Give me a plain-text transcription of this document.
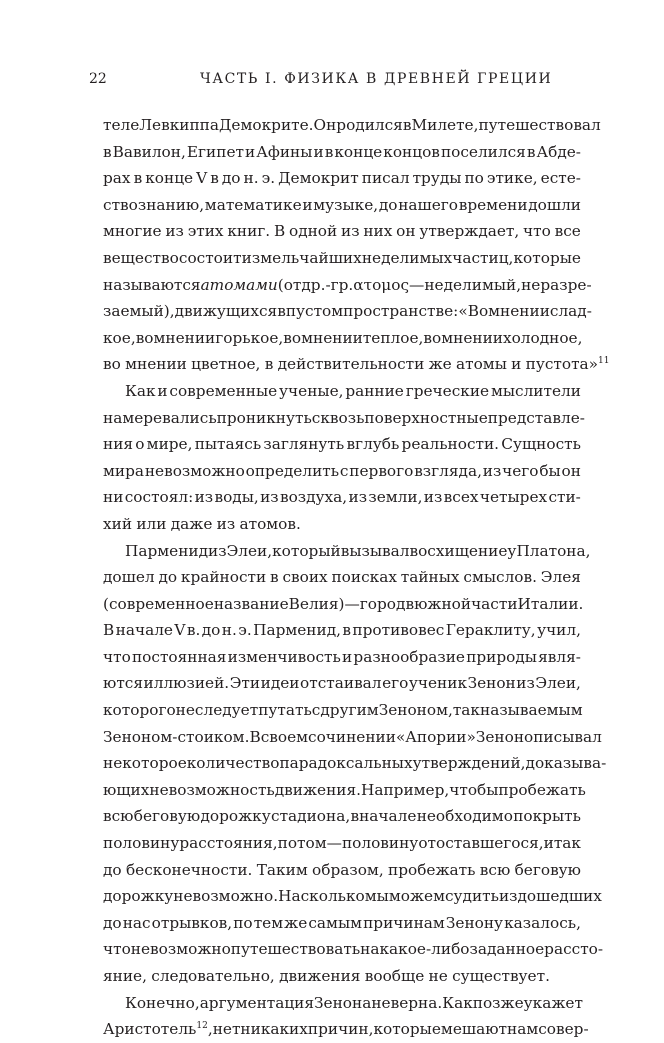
22	ЧАСТЬ I. ФИЗИКА В ДРЕВНЕЙ ГРЕЦИИ
теле Левкиппа Демокрите. Он родился в Милете, путешествовал
в Вавилон, Египет и Афины и в конце концов поселился в Абде-
рах в конце V в до н. э. Демокрит писал труды по этике, есте-
ствознанию, математике и музыке, до нашего времени дошли
многие из этих книг. В одной из них он утверждает, что все
вещество состоит из мельчайших неделимых частиц, которые
называются атомами (от др.-гр. ατομος — неделимый, неразре-
заемый), движущихся в пустом пространстве: «Во мнении слад-
кое, во мнении горькое, во мнении теплое, во мнении холодное,
во мнении цветное, в действительности же атомы и пустота»$^{11}$
Как и современные ученые, ранние греческие мыслители
намеревались проникнуть сквозь поверхностные представле-
ния о мире, пытаясь заглянуть вглубь реальности. Сущность
мира невозможно определить с первого взгляда, из чего бы он
ни состоял: из воды, из воздуха, из земли, из всех четырех сти-
хий или даже из атомов.
Парменид из Элеи, который вызывал восхищение у Платона,
дошел до крайности в своих поисках тайных смыслов. Элея
(современное название Велия) — город в южной части Италии.
В начале V в. до н. э. Парменид, в противовес Гераклиту, учил,
что постоянная изменчивость и разнообразие природы явля-
ются иллюзией. Эти идеи отстаивал его ученик Зенон из Элеи,
которого не следует путать с другим Зеноном, так называемым
Зеноном-стоиком. В своем сочинении «Апории» Зенон описывал
некоторое количество парадоксальных утверждений, доказыва-
ющих невозможность движения. Например, чтобы пробежать
всю беговую дорожку стадиона, вначале необходимо покрыть
половину расстояния, потом — половину от оставшегося, и так
до бесконечности. Таким образом, пробежать всю беговую
дорожку невозможно. Насколько мы можем судить из дошедших
до нас отрывков, по тем же самым причинам Зенону казалось,
что невозможно путешествовать на какое-либо заданное рассто-
яние, следовательно, движения вообще не существует.
Конечно, аргументация Зенона неверна. Как позже укажет
Аристотель$^{12}$, нет никаких причин, которые мешают нам совер-
